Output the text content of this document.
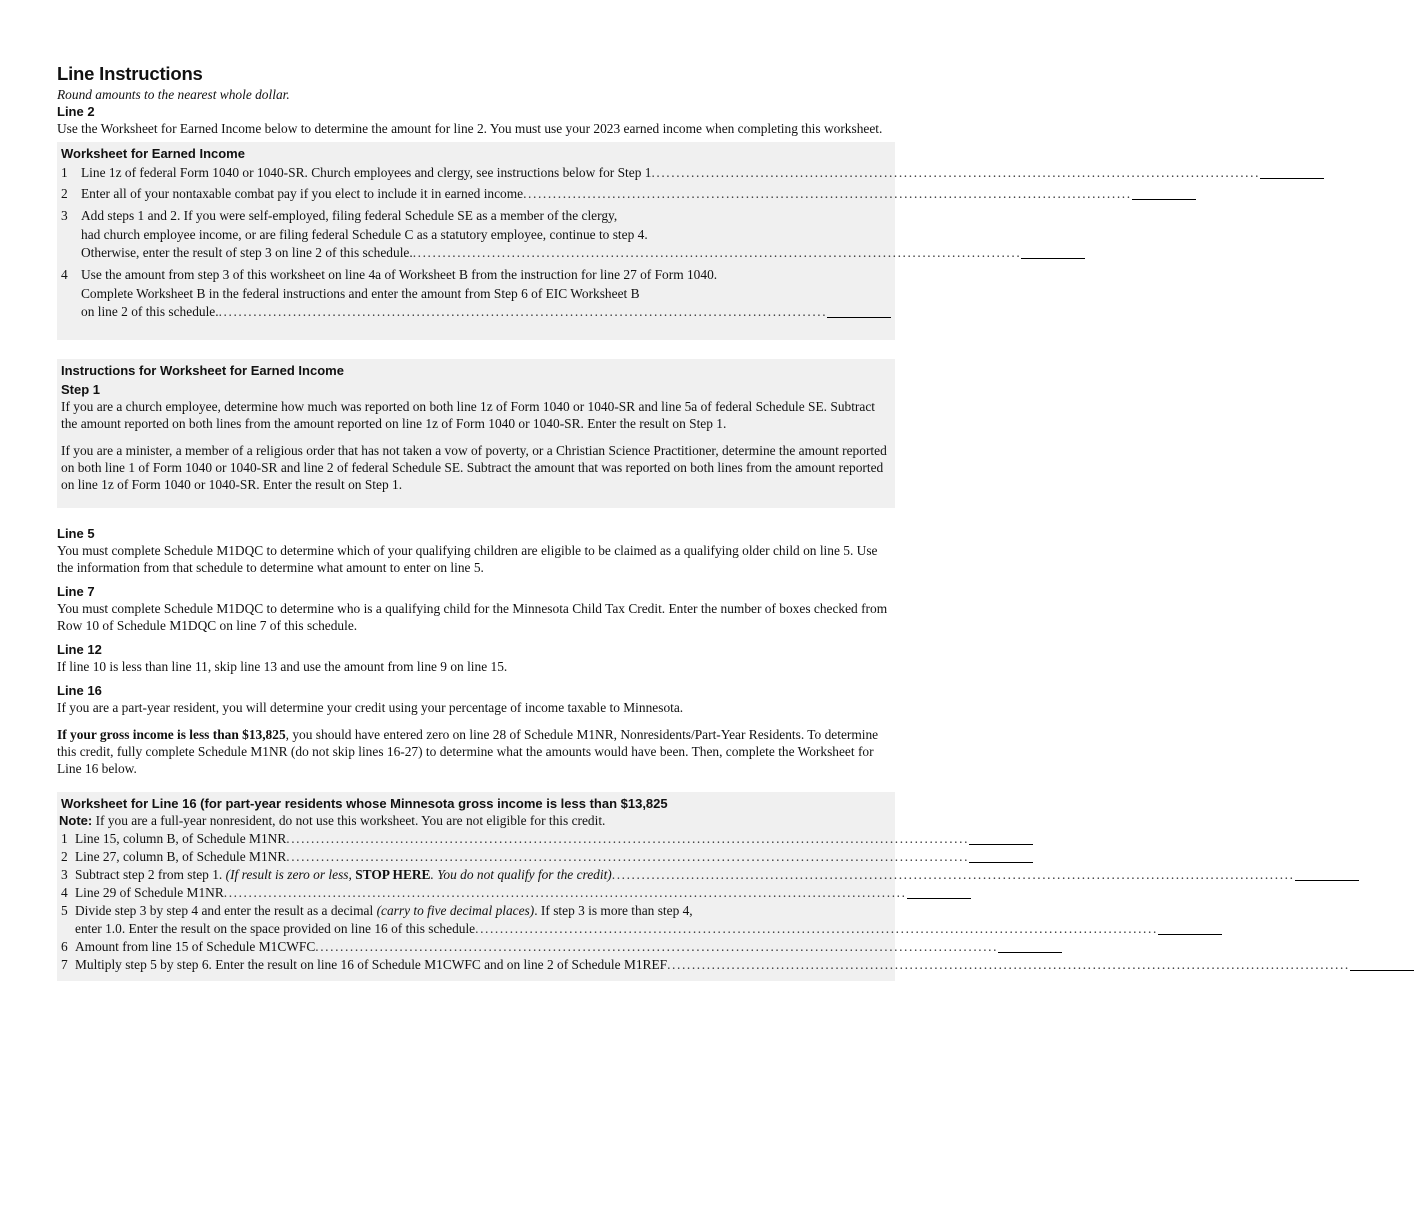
Line Instructions

Round amounts to the nearest whole dollar.

Line 2

Use the Worksheet for Earned Income below to determine the amount for line 2. You must use your 2023 earned income when completing this worksheet.

Worksheet for Earned Income

1 Line 1z of federal Form 1040 or 1040-SR. Church employees and clergy, see instructions below for Step 1 ...........................................................................................................................
2 Enter all of your nontaxable combat pay if you elect to include it in earned income ...........................................................................................................................
3 Add steps 1 and 2. If you were self-employed, filing federal Schedule SE as a member of the clergy,
had church employee income, or are filing federal Schedule C as a statutory employee, continue to step 4.
Otherwise, enter the result of step 3 on line 2 of this schedule. ...........................................................................................................................
4 Use the amount from step 3 of this worksheet on line 4a of Worksheet B from the instruction for line 27 of Form 1040.
Complete Worksheet B in the federal instructions and enter the amount from Step 6 of EIC Worksheet B
on line 2 of this schedule. ...........................................................................................................................

Instructions for Worksheet for Earned Income

Step 1

If you are a church employee, determine how much was reported on both line 1z of Form 1040 or 1040-SR and line 5a of federal Schedule SE. Subtract the amount reported on both lines from the amount reported on line 1z of Form 1040 or 1040-SR. Enter the result on Step 1.

If you are a minister, a member of a religious order that has not taken a vow of poverty, or a Christian Science Practitioner, determine the amount reported on both line 1 of Form 1040 or 1040-SR and line 2 of federal Schedule SE. Subtract the amount that was reported on both lines from the amount reported on line 1z of Form 1040 or 1040-SR. Enter the result on Step 1.

Line 5

You must complete Schedule M1DQC to determine which of your qualifying children are eligible to be claimed as a qualifying older child on line 5. Use the information from that schedule to determine what amount to enter on line 5.

Line 7

You must complete Schedule M1DQC to determine who is a qualifying child for the Minnesota Child Tax Credit. Enter the number of boxes checked from Row 10 of Schedule M1DQC on line 7 of this schedule.

Line 12

If line 10 is less than line 11, skip line 13 and use the amount from line 9 on line 15.

Line 16

If you are a part-year resident, you will determine your credit using your percentage of income taxable to Minnesota.

If your gross income is less than $13,825, you should have entered zero on line 28 of Schedule M1NR, Nonresidents/Part-Year Residents. To determine this credit, fully complete Schedule M1NR (do not skip lines 16-27) to determine what the amounts would have been. Then, complete the Worksheet for Line 16 below.

Worksheet for Line 16 (for part-year residents whose Minnesota gross income is less than $13,825

Note: If you are a full-year nonresident, do not use this worksheet. You are not eligible for this credit.

1 Line 15, column B, of Schedule M1NR ..........................................................................................................................................
2 Line 27, column B, of Schedule M1NR ..........................................................................................................................................
3 Subtract step 2 from step 1. (If result is zero or less, STOP HERE. You do not qualify for the credit) ..........................................................................................................................................
4 Line 29 of Schedule M1NR ..........................................................................................................................................
5 Divide step 3 by step 4 and enter the result as a decimal (carry to five decimal places). If step 3 is more than step 4,
enter 1.0. Enter the result on the space provided on line 16 of this schedule ..........................................................................................................................................
6 Amount from line 15 of Schedule M1CWFC ..........................................................................................................................................
7 Multiply step 5 by step 6. Enter the result on line 16 of Schedule M1CWFC and on line 2 of Schedule M1REF ..........................................................................................................................................
